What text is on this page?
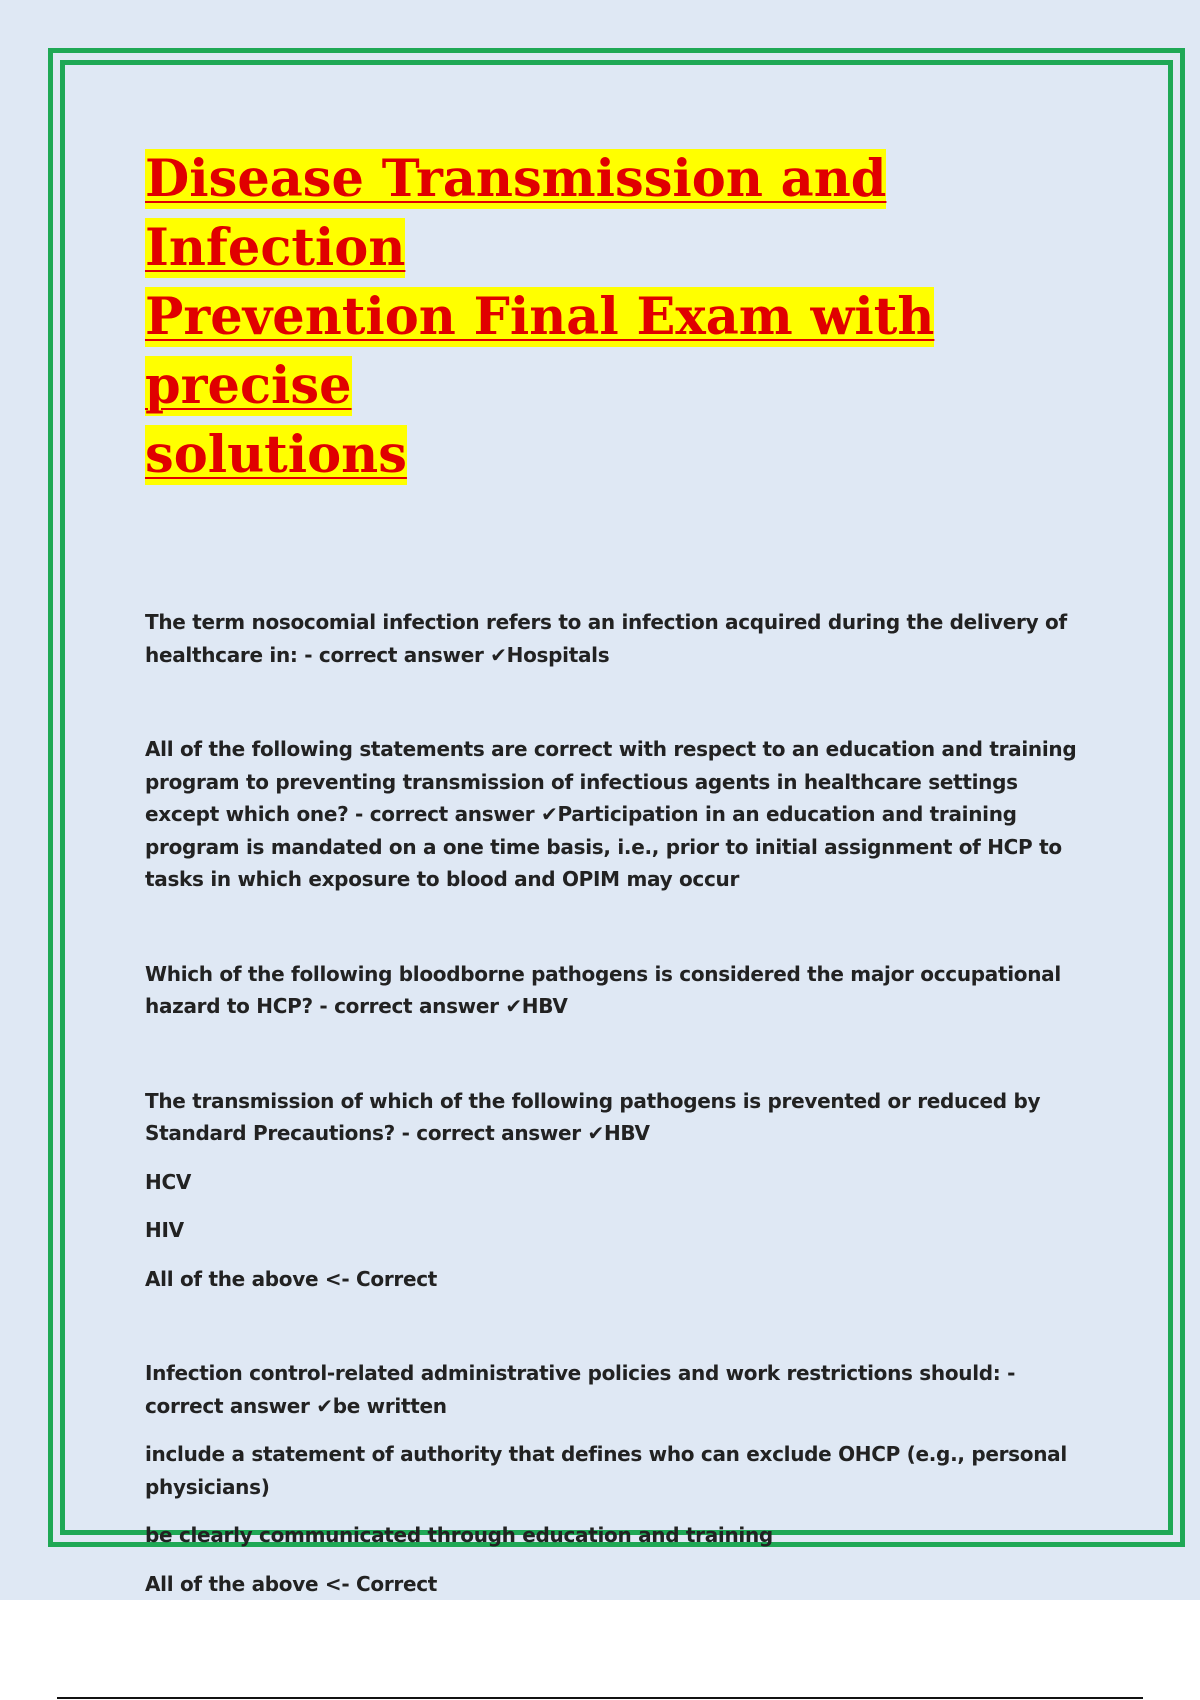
Disease Transmission and Infection
Prevention Final Exam with precise
solutions

The term nosocomial infection refers to an infection acquired during the delivery of healthcare in: - correct answer ✔Hospitals

All of the following statements are correct with respect to an education and training program to preventing transmission of infectious agents in healthcare settings except which one? - correct answer ✔Participation in an education and training program is mandated on a one time basis, i.e., prior to initial assignment of HCP to tasks in which exposure to blood and OPIM may occur

Which of the following bloodborne pathogens is considered the major occupational hazard to HCP? - correct answer ✔HBV

The transmission of which of the following pathogens is prevented or reduced by Standard Precautions? - correct answer ✔HBV

HCV

HIV

All of the above <- Correct

Infection control-related administrative policies and work restrictions should: - correct answer ✔be written

include a statement of authority that defines who can exclude OHCP (e.g., personal physicians)

be clearly communicated through education and training

All of the above <- Correct
